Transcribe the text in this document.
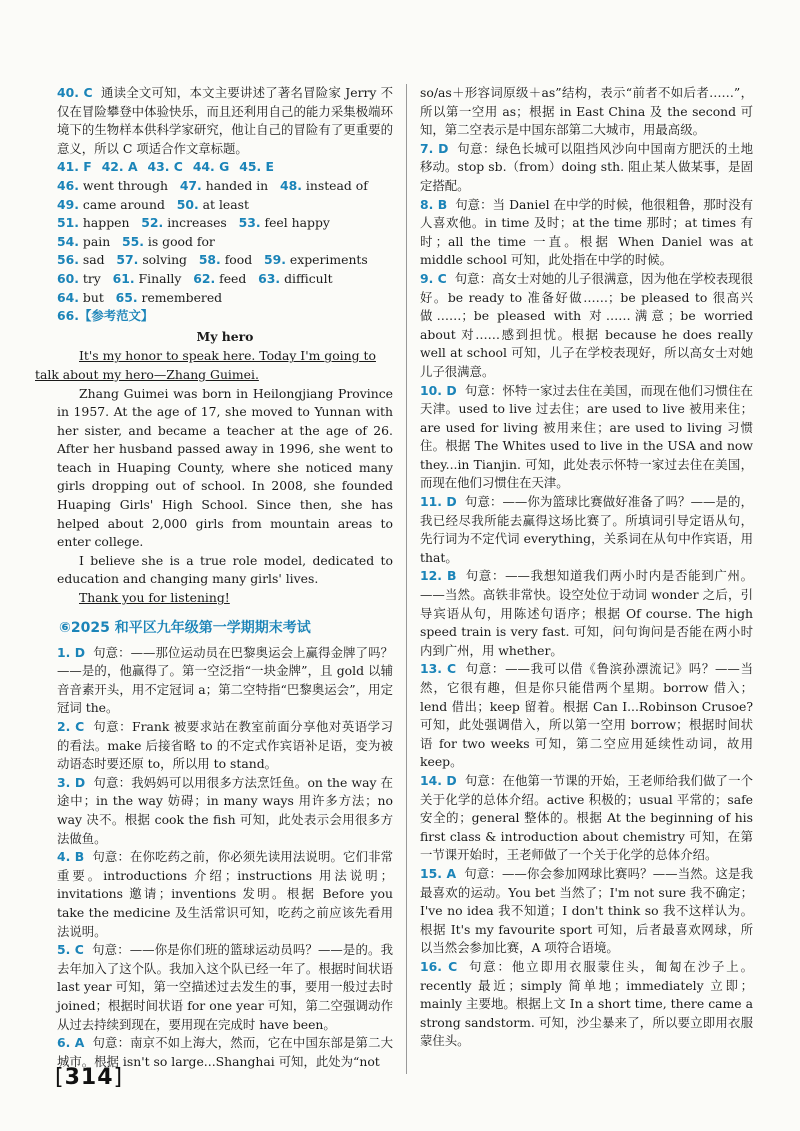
40. C 通读全文可知，本文主要讲述了著名冒险家 Jerry 不仅在冒险攀登中体验快乐，而且还利用自己的能力采集极端环境下的生物样本供科学家研究，他让自己的冒险有了更重要的意义，所以 C 项适合作文章标题。

41. F 42. A 43. C 44. G 45. E
46. went through 47. handed in 48. instead of
49. came around 50. at least
51. happen 52. increases 53. feel happy
54. pain 55. is good for
56. sad 57. solving 58. food 59. experiments
60. try 61. Finally 62. feed 63. difficult
64. but 65. remembered
66.【参考范文】
My hero

It's my honor to speak here. Today I'm going to
talk about my hero—Zhang Guimei.

Zhang Guimei was born in Heilongjiang Province in 1957. At the age of 17, she moved to Yunnan with her sister, and became a teacher at the age of 26. After her husband passed away in 1996, she went to teach in Huaping County, where she noticed many girls dropping out of school. In 2008, she founded Huaping Girls' High School. Since then, she has helped about 2,000 girls from mountain areas to enter college.

I believe she is a true role model, dedicated to education and changing many girls' lives.

Thank you for listening!

⑥2025 和平区九年级第一学期期末考试

1. D 句意：——那位运动员在巴黎奥运会上赢得金牌了吗？——是的，他赢得了。第一空泛指“一块金牌”，且 gold 以辅音音素开头，用不定冠词 a；第二空特指“巴黎奥运会”，用定冠词 the。

2. C 句意：Frank 被要求站在教室前面分享他对英语学习的看法。make 后接省略 to 的不定式作宾语补足语，变为被动语态时要还原 to，所以用 to stand。

3. D 句意：我妈妈可以用很多方法烹饪鱼。on the way 在途中；in the way 妨碍；in many ways 用许多方法；no way 决不。根据 cook the fish 可知，此处表示会用很多方法做鱼。

4. B 句意：在你吃药之前，你必须先读用法说明。它们非常重要。introductions 介绍；instructions 用法说明；invitations 邀请；inventions 发明。根据 Before you take the medicine 及生活常识可知，吃药之前应该先看用法说明。

5. C 句意：——你是你们班的篮球运动员吗？——是的。我去年加入了这个队。我加入这个队已经一年了。根据时间状语 last year 可知，第一空描述过去发生的事，要用一般过去时 joined；根据时间状语 for one year 可知，第二空强调动作从过去持续到现在，要用现在完成时 have been。

6. A 句意：南京不如上海大，然而，它在中国东部是第二大城市。根据 isn't so large...Shanghai 可知，此处为“not

so/as＋形容词原级＋as”结构，表示“前者不如后者……”，所以第一空用 as；根据 in East China 及 the second 可知，第二空表示是中国东部第二大城市，用最高级。

7. D 句意：绿色长城可以阻挡风沙向中国南方肥沃的土地移动。stop sb.（from）doing sth. 阻止某人做某事，是固定搭配。

8. B 句意：当 Daniel 在中学的时候，他很粗鲁，那时没有人喜欢他。in time 及时；at the time 那时；at times 有时；all the time 一直。根据 When Daniel was at middle school 可知，此处指在中学的时候。

9. C 句意：高女士对她的儿子很满意，因为他在学校表现很好。be ready to 准备好做……；be pleased to 很高兴做……；be pleased with 对……满意；be worried about 对……感到担忧。根据 because he does really well at school 可知，儿子在学校表现好，所以高女士对她儿子很满意。

10. D 句意：怀特一家过去住在美国，而现在他们习惯住在天津。used to live 过去住；are used to live 被用来住；are used for living 被用来住；are used to living 习惯住。根据 The Whites used to live in the USA and now they...in Tianjin. 可知，此处表示怀特一家过去住在美国，而现在他们习惯住在天津。

11. D 句意：——你为篮球比赛做好准备了吗？——是的，我已经尽我所能去赢得这场比赛了。所填词引导定语从句，先行词为不定代词 everything，关系词在从句中作宾语，用 that。

12. B 句意：——我想知道我们两小时内是否能到广州。——当然。高铁非常快。设空处位于动词 wonder 之后，引导宾语从句，用陈述句语序；根据 Of course. The high speed train is very fast. 可知，问句询问是否能在两小时内到广州，用 whether。

13. C 句意：——我可以借《鲁滨孙漂流记》吗？——当然，它很有趣，但是你只能借两个星期。borrow 借入；lend 借出；keep 留着。根据 Can I...Robinson Crusoe? 可知，此处强调借入，所以第一空用 borrow；根据时间状语 for two weeks 可知，第二空应用延续性动词，故用 keep。

14. D 句意：在他第一节课的开始，王老师给我们做了一个关于化学的总体介绍。active 积极的；usual 平常的；safe 安全的；general 整体的。根据 At the beginning of his first class & introduction about chemistry 可知，在第一节课开始时，王老师做了一个关于化学的总体介绍。

15. A 句意：——你会参加网球比赛吗？——当然。这是我最喜欢的运动。You bet 当然了；I'm not sure 我不确定；I've no idea 我不知道；I don't think so 我不这样认为。根据 It's my favourite sport 可知，后者最喜欢网球，所以当然会参加比赛，A 项符合语境。

16. C 句意：他立即用衣服蒙住头，匍匐在沙子上。recently 最近；simply 简单地；immediately 立即；mainly 主要地。根据上文 In a short time, there came a strong sandstorm. 可知，沙尘暴来了，所以要立即用衣服蒙住头。

[314]
